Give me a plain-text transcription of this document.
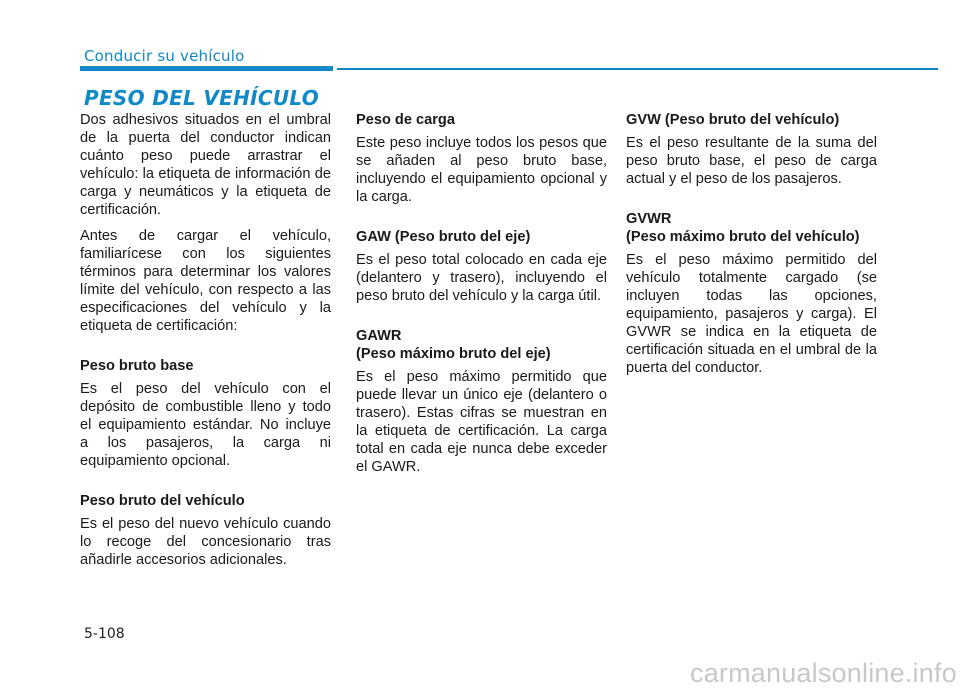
Conducir su vehículo
PESO DEL VEHÍCULO

Dos adhesivos situados en el umbral de la puerta del conductor indican cuánto peso puede arrastrar el vehículo: la etiqueta de información de carga y neumáticos y la etiqueta de certificación.

Antes de cargar el vehículo, familiarícese con los siguientes términos para determinar los valores límite del vehículo, con respecto a las especificaciones del vehículo y la etiqueta de certificación:

Peso bruto base

Es el peso del vehículo con el depósito de combustible lleno y todo el equipamiento estándar. No incluye a los pasajeros, la carga ni equipamiento opcional.

Peso bruto del vehículo

Es el peso del nuevo vehículo cuando lo recoge del concesionario tras añadirle accesorios adicionales.

Peso de carga

Este peso incluye todos los pesos que se añaden al peso bruto base, incluyendo el equipamiento opcional y la carga.

GAW (Peso bruto del eje)

Es el peso total colocado en cada eje (delantero y trasero), incluyendo el peso bruto del vehículo y la carga útil.

GAWR
(Peso máximo bruto del eje)

Es el peso máximo permitido que puede llevar un único eje (delantero o trasero). Estas cifras se muestran en la etiqueta de certificación. La carga total en cada eje nunca debe exceder el GAWR.

GVW (Peso bruto del vehículo)

Es el peso resultante de la suma del peso bruto base, el peso de carga actual y el peso de los pasajeros.

GVWR
(Peso máximo bruto del vehículo)

Es el peso máximo permitido del vehículo totalmente cargado (se incluyen todas las opciones, equipamiento, pasajeros y carga). El GVWR se indica en la etiqueta de certificación situada en el umbral de la puerta del conductor.

5-108
carmanualsonline.info
